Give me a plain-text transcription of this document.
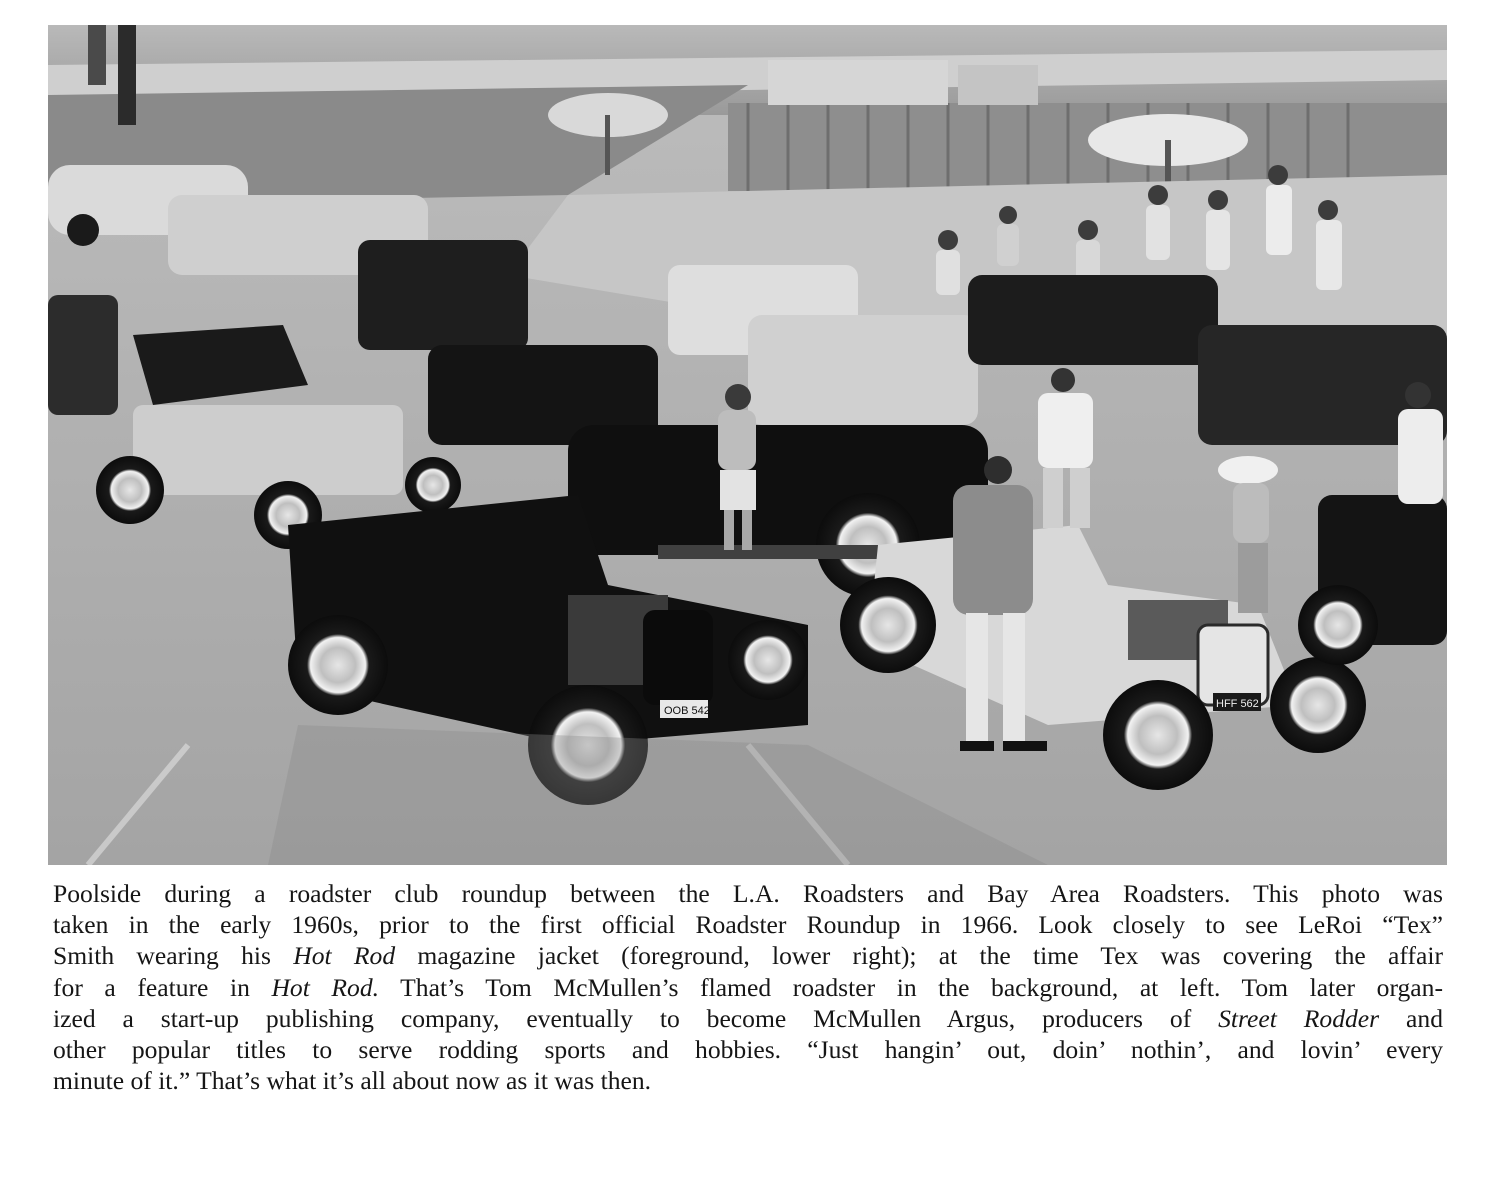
OOB 542
HFF 562
Poolside during a roadster club roundup between the L.A. Roadsters and Bay Area Roadsters. This photo was
taken in the early 1960s, prior to the first official Roadster Roundup in 1966. Look closely to see LeRoi “Tex”
Smith wearing his Hot Rod magazine jacket (foreground, lower right); at the time Tex was covering the affair
for a feature in Hot Rod. That’s Tom McMullen’s flamed roadster in the background, at left. Tom later organ-
ized a start-up publishing company, eventually to become McMullen Argus, producers of Street Rodder and
other popular titles to serve rodding sports and hobbies. “Just hangin’ out, doin’ nothin’, and lovin’ every
minute of it.” That’s what it’s all about now as it was then.
